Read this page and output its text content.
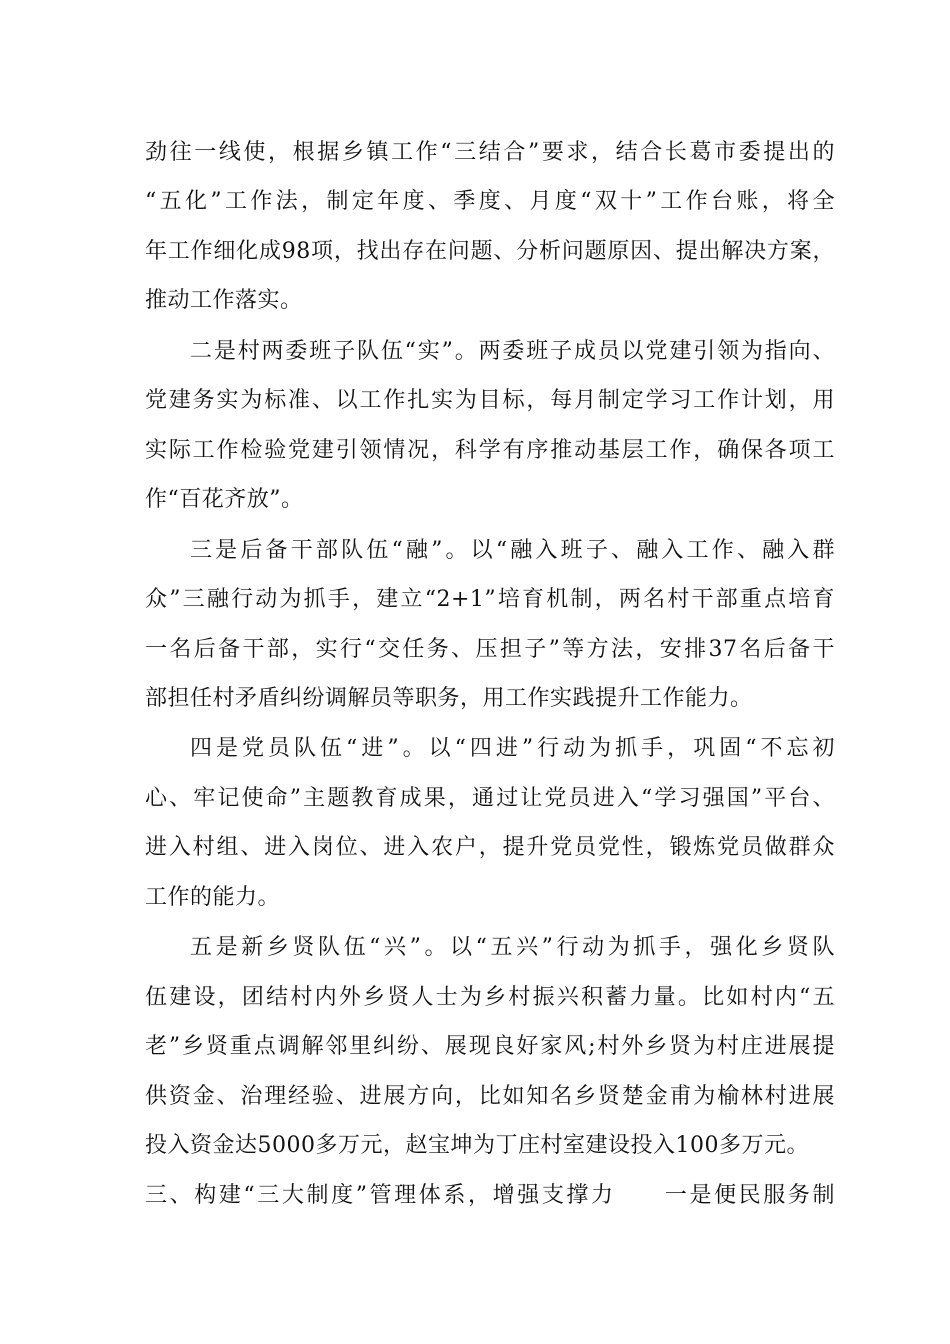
劲往一线使，根据乡镇工作“三结合”要求，结合长葛市委提出的
“五化”工作法，制定年度、季度、月度“双十”工作台账，将全
年工作细化成98项，找出存在问题、分析问题原因、提出解决方案，
推动工作落实。
二是村两委班子队伍“实”。两委班子成员以党建引领为指向、
党建务实为标准、以工作扎实为目标，每月制定学习工作计划，用
实际工作检验党建引领情况，科学有序推动基层工作，确保各项工
作“百花齐放”。
三是后备干部队伍“融”。以“融入班子、融入工作、融入群
众”三融行动为抓手，建立“2+1”培育机制，两名村干部重点培育
一名后备干部，实行“交任务、压担子”等方法，安排37名后备干
部担任村矛盾纠纷调解员等职务，用工作实践提升工作能力。
四是党员队伍“进”。以“四进”行动为抓手，巩固“不忘初
心、牢记使命”主题教育成果，通过让党员进入“学习强国”平台、
进入村组、进入岗位、进入农户，提升党员党性，锻炼党员做群众
工作的能力。
五是新乡贤队伍“兴”。以“五兴”行动为抓手，强化乡贤队
伍建设，团结村内外乡贤人士为乡村振兴积蓄力量。比如村内“五
老”乡贤重点调解邻里纠纷、展现良好家风;村外乡贤为村庄进展提
供资金、治理经验、进展方向，比如知名乡贤楚金甫为榆林村进展
投入资金达5000多万元，赵宝坤为丁庄村室建设投入100多万元。
三、构建“三大制度”管理体系，增强支撑力　　一是便民服务制
